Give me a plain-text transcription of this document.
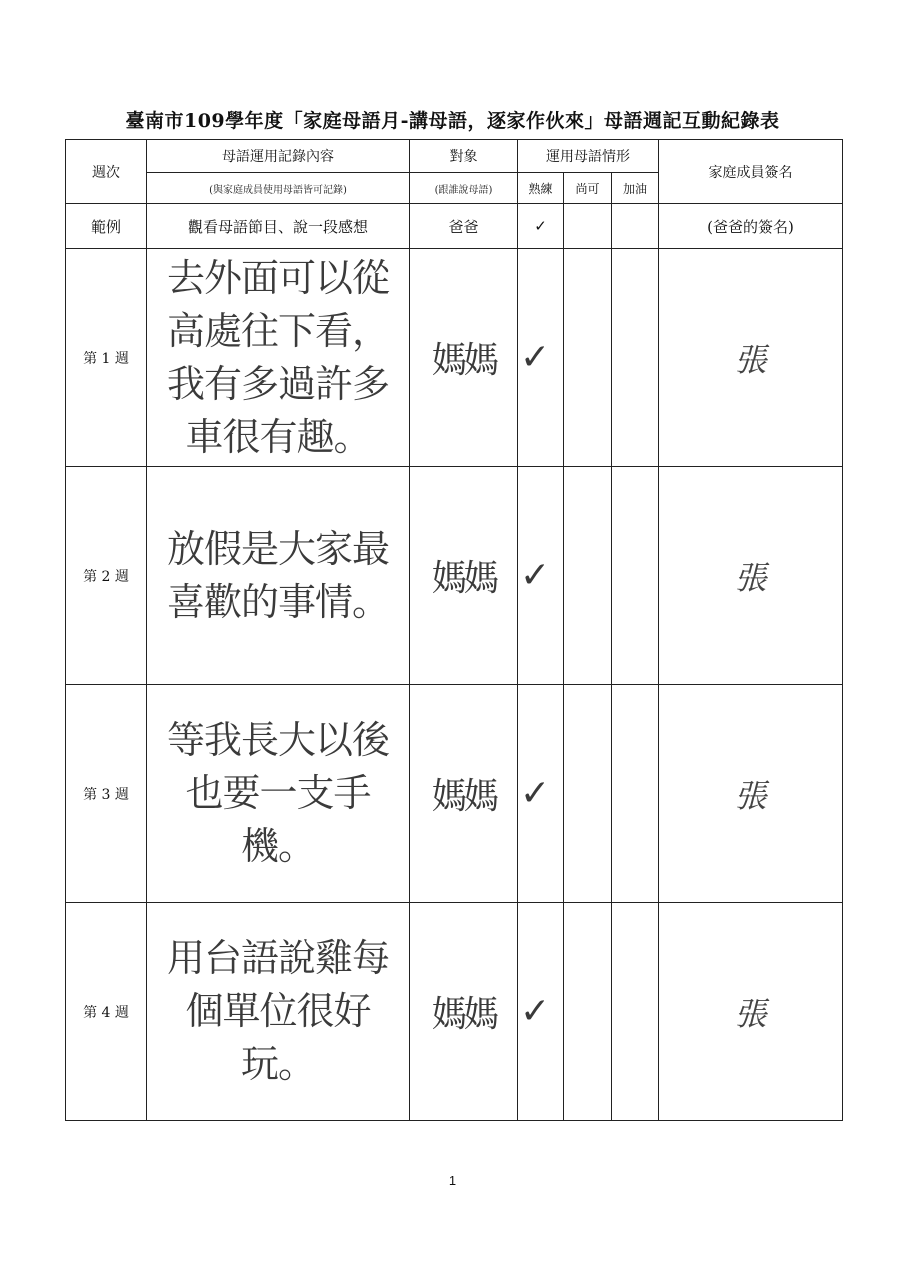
臺南市109學年度「家庭母語月-講母語，逐家作伙來」母語週記互動紀錄表
週次	母語運用記錄內容	對象	運用母語情形			家庭成員簽名
	(與家庭成員使用母語皆可記錄)	(跟誰說母語)	熟練	尚可	加油	
範例	觀看母語節目、說一段感想	爸爸	✓			(爸爸的簽名)
第 1 週	去外面可以從高處往下看，我有多過許多車很有趣。	媽媽	✓			張
第 2 週	放假是大家最喜歡的事情。	媽媽	✓			張
第 3 週	等我長大以後也要一支手機。	媽媽	✓			張
第 4 週	用台語說雞每個單位很好玩。	媽媽	✓			張
1
